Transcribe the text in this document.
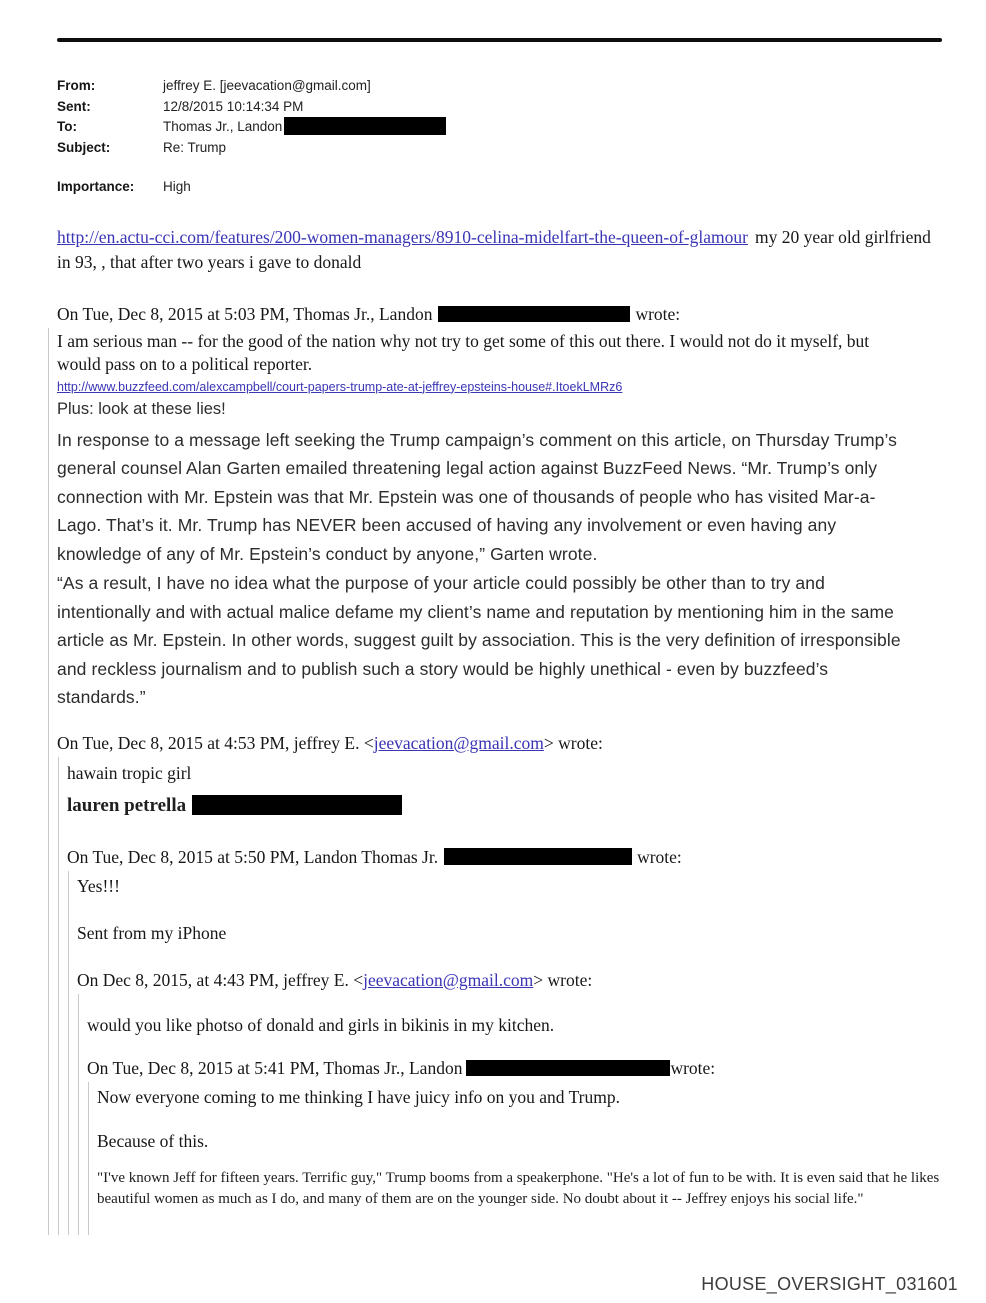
From:	jeffrey E. [jeevacation@gmail.com]
Sent:	12/8/2015 10:14:34 PM
To:	Thomas Jr., Landon
Subject:	Re: Trump
Importance:	High
http://en.actu-cci.com/features/200-women-managers/8910-celina-midelfart-the-queen-of-glamour my 20 year old girlfriend in 93, , that after two years i gave to donald
On Tue, Dec 8, 2015 at 5:03 PM, Thomas Jr., Landon	wrote:
I am serious man -- for the good of the nation why not try to get some of this out there. I would not do it myself, but would pass on to a political reporter.
http://www.buzzfeed.com/alexcampbell/court-papers-trump-ate-at-jeffrey-epsteins-house#.ItoekLMRz6
Plus: look at these lies!
In response to a message left seeking the Trump campaign’s comment on this article, on Thursday Trump’s general counsel Alan Garten emailed threatening legal action against BuzzFeed News. “Mr. Trump’s only connection with Mr. Epstein was that Mr. Epstein was one of thousands of people who has visited Mar-a-Lago. That’s it. Mr. Trump has NEVER been accused of having any involvement or even having any knowledge of any of Mr. Epstein’s conduct by anyone,” Garten wrote.
“As a result, I have no idea what the purpose of your article could possibly be other than to try and intentionally and with actual malice defame my client’s name and reputation by mentioning him in the same article as Mr. Epstein. In other words, suggest guilt by association. This is the very definition of irresponsible and reckless journalism and to publish such a story would be highly unethical - even by buzzfeed’s standards.”
On Tue, Dec 8, 2015 at 4:53 PM, jeffrey E. <jeevacation@gmail.com> wrote:
hawain tropic girl
lauren petrella
On Tue, Dec 8, 2015 at 5:50 PM, Landon Thomas Jr.	wrote:
Yes!!!
Sent from my iPhone
On Dec 8, 2015, at 4:43 PM, jeffrey E. <jeevacation@gmail.com> wrote:
would you like photso of donald and girls in bikinis in my kitchen.
On Tue, Dec 8, 2015 at 5:41 PM, Thomas Jr., Landon	wrote:
Now everyone coming to me thinking I have juicy info on you and Trump.
Because of this.
"I've known Jeff for fifteen years. Terrific guy," Trump booms from a speakerphone. "He's a lot of fun to be with. It is even said that he likes beautiful women as much as I do, and many of them are on the younger side. No doubt about it -- Jeffrey enjoys his social life."
HOUSE_OVERSIGHT_031601
